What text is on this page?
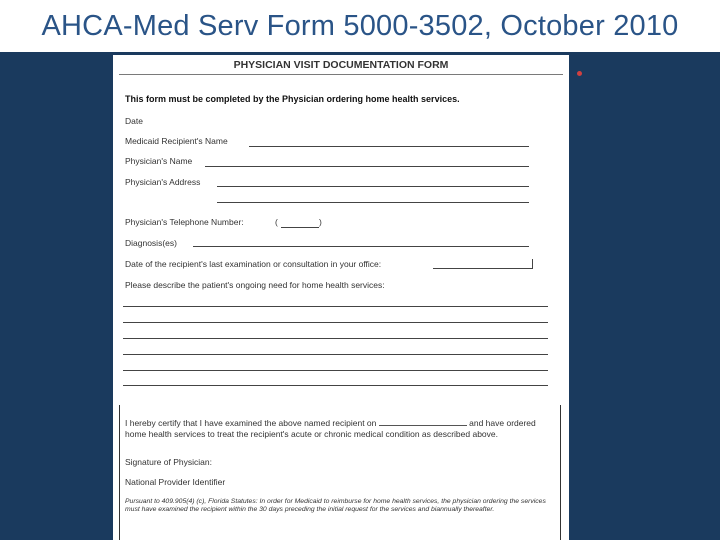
AHCA-Med Serv Form 5000-3502, October 2010
PHYSICIAN VISIT DOCUMENTATION FORM
This form must be completed by the Physician ordering home health services.
Date
Medicaid Recipient's Name
Physician's Name
Physician's Address
Physician's Telephone Number:	(	)
Diagnosis(es)
Date of the recipient's last examination or consultation in your office:
Please describe the patient's ongoing need for home health services:
I hereby certify that I have examined the above named recipient on	and have ordered home health services to treat the recipient's acute or chronic medical condition as described above.
Signature of Physician:
National Provider Identifier
Pursuant to 409.905(4) (c), Florida Statutes: In order for Medicaid to reimburse for home health services, the physician ordering the services must have examined the recipient within the 30 days preceding the initial request for the services and biannually thereafter.
